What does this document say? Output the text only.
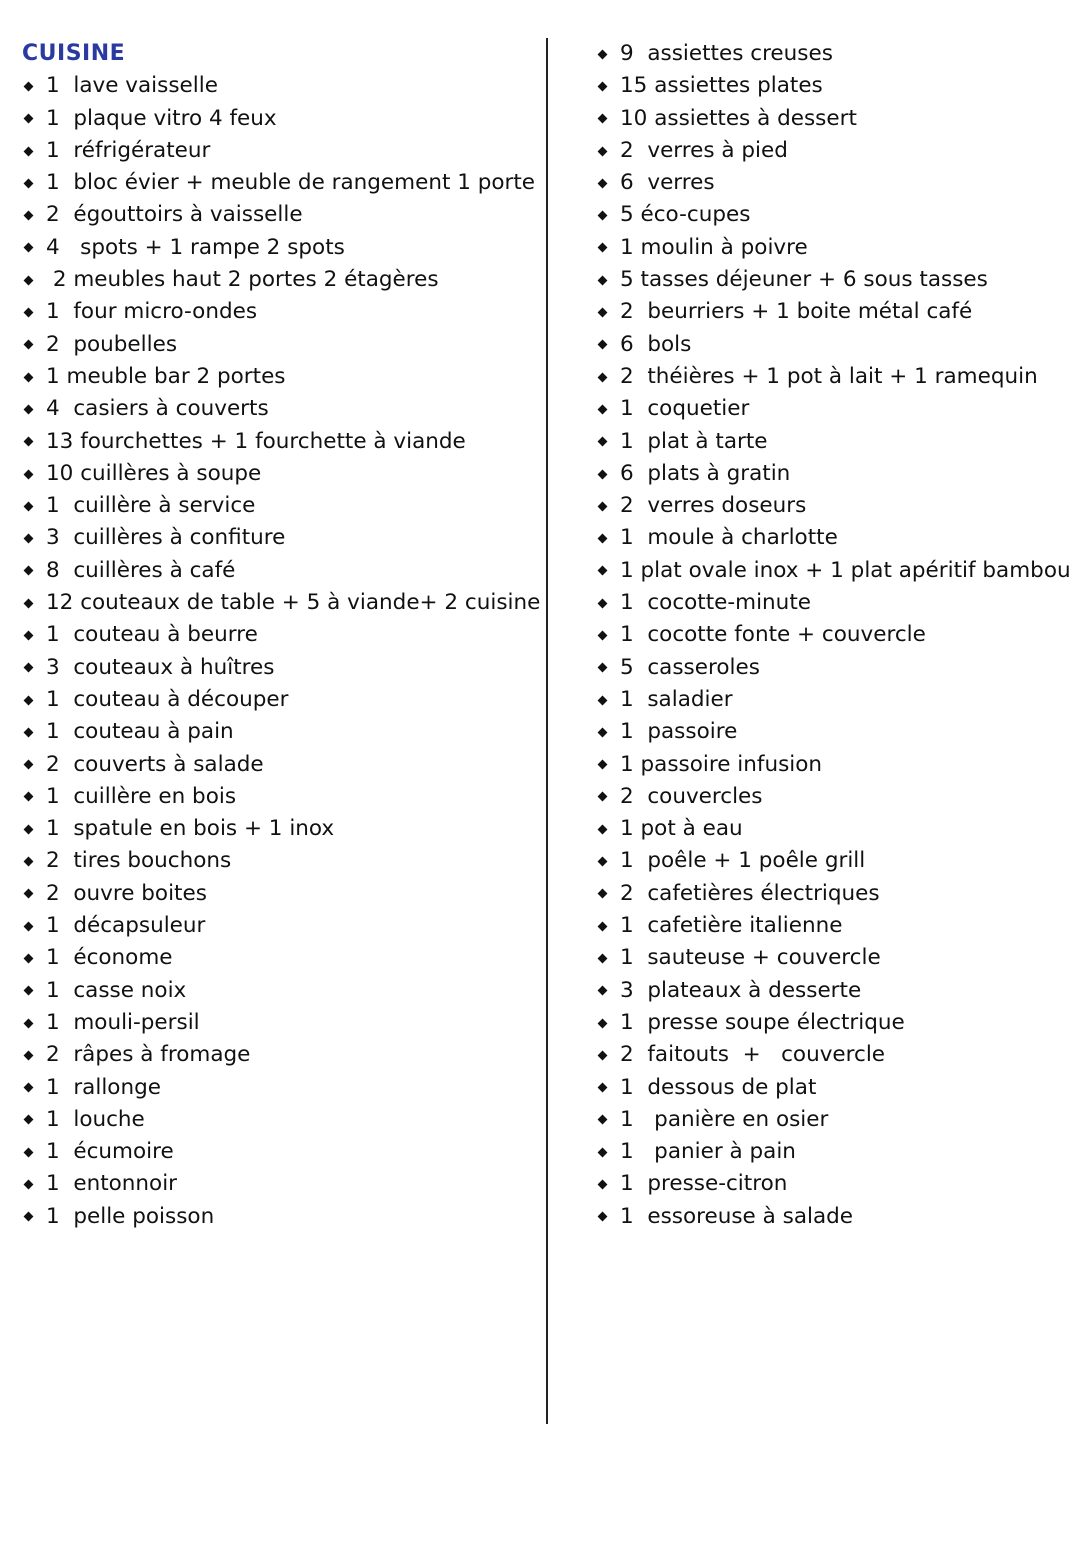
CUISINE
1  lave vaisselle
1  plaque vitro 4 feux
1  réfrigérateur
1  bloc évier + meuble de rangement 1 porte
2  égouttoirs à vaisselle
4   spots + 1 rampe 2 spots
2 meubles haut 2 portes 2 étagères
1  four micro-ondes
2  poubelles
1 meuble bar 2 portes
4  casiers à couverts
13 fourchettes + 1 fourchette à viande
10 cuillères à soupe
1  cuillère à service
3  cuillères à confiture
8  cuillères à café
12 couteaux de table + 5 à viande+ 2 cuisine
1  couteau à beurre
3  couteaux à huîtres
1  couteau à découper
1  couteau à pain
2  couverts à salade
1  cuillère en bois
1  spatule en bois + 1 inox
2  tires bouchons
2  ouvre boites
1  décapsuleur
1  économe
1  casse noix
1  mouli-persil
2  râpes à fromage
1  rallonge
1  louche
1  écumoire
1  entonnoir
1  pelle poisson
9  assiettes creuses
15 assiettes plates
10 assiettes à dessert
2  verres à pied
6  verres
5 éco-cupes
1 moulin à poivre
5 tasses déjeuner + 6 sous tasses
2  beurriers + 1 boite métal café
6  bols
2  théières + 1 pot à lait + 1 ramequin
1  coquetier
1  plat à tarte
6  plats à gratin
2  verres doseurs
1  moule à charlotte
1 plat ovale inox + 1 plat apéritif bambou
1  cocotte-minute
1  cocotte fonte + couvercle
5  casseroles
1  saladier
1  passoire
1 passoire infusion
2  couvercles
1 pot à eau
1  poêle + 1 poêle grill
2  cafetières électriques
1  cafetière italienne
1  sauteuse + couvercle
3  plateaux à desserte
1  presse soupe électrique
2  faitouts  +   couvercle
1  dessous de plat
1   panière en osier
1   panier à pain
1  presse-citron
1  essoreuse à salade
